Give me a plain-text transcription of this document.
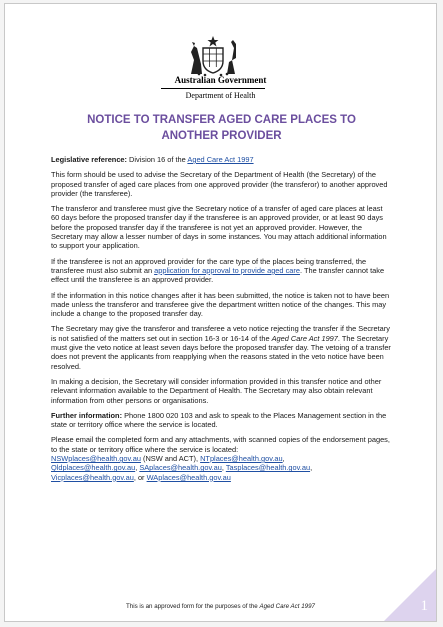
Australian Government
Department of Health
NOTICE TO TRANSFER AGED CARE PLACES TO
ANOTHER PROVIDER

Legislative reference: Division 16 of the Aged Care Act 1997

This form should be used to advise the Secretary of the Department of Health (the Secretary) of the proposed transfer of aged care places from one approved provider (the transferor) to another approved provider (the transferee).

The transferor and transferee must give the Secretary notice of a transfer of aged care places at least 60 days before the proposed transfer day if the transferee is an approved provider, or at least 90 days before the proposed transfer day if the transferee is not yet an approved provider. However, the Secretary may allow a lesser number of days in some instances. You may attach additional information to support your application.

If the transferee is not an approved provider for the care type of the places being transferred, the transferee must also submit an application for approval to provide aged care. The transfer cannot take effect until the transferee is an approved provider.

If the information in this notice changes after it has been submitted, the notice is taken not to have been made unless the transferor and transferee give the department written notice of the changes. This may include a change to the proposed transfer day.

The Secretary may give the transferor and transferee a veto notice rejecting the transfer if the Secretary is not satisfied of the matters set out in section 16-3 or 16-14 of the Aged Care Act 1997. The Secretary must give the veto notice at least seven days before the proposed transfer day. The vetoing of a transfer does not prevent the applicants from reapplying when the reasons stated in the veto notice have been resolved.

In making a decision, the Secretary will consider information provided in this transfer notice and other relevant information available to the Department of Health. The Secretary may also obtain relevant information from other persons or organisations.

Further information: Phone 1800 020 103 and ask to speak to the Places Management section in the state or territory office where the service is located.

Please email the completed form and any attachments, with scanned copies of the endorsement pages, to the state or territory office where the service is located:
NSWplaces@health.gov.au (NSW and ACT), NTplaces@health.gov.au,
Qldplaces@health.gov.au, SAplaces@health.gov.au, Tasplaces@health.gov.au,
Vicplaces@health.gov.au, or WAplaces@health.gov.au

This is an approved form for the purposes of the Aged Care Act 1997	1
